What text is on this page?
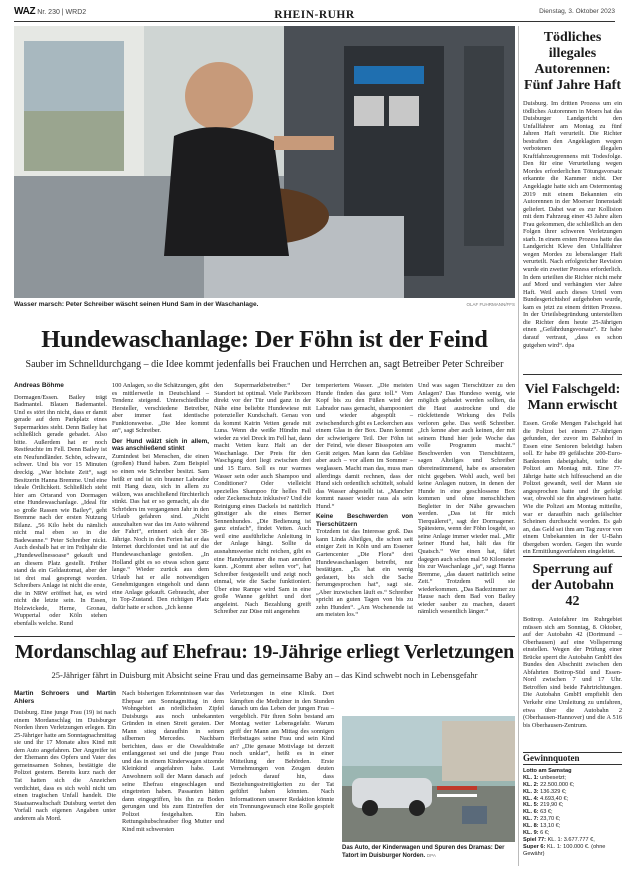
WAZ Nr. 230 | WRD2	RHEIN-RUHR	Dienstag, 3. Oktober 2023
Wasser marsch: Peter Schreiber wäscht seinen Hund Sam in der Waschanlage.	OLAF FUHRMANN/FFS
Hundewaschanlage: Der Föhn ist der Feind
Sauber im Schnelldurchgang – die Idee kommt jedenfalls bei Frauchen und Herrchen an, sagt Betreiber Peter Schreiber
Andreas Böhme

Dormagen/Essen. Bailey trägt Badmantel. Blauen Bademantel. Und es stört ihn nicht, dass er damit gerade auf dem Parkplatz eines Supermarktes steht. Denn Bailey hat schließlich gerade gebadet. Also bitte. Außerdem hat er noch Restfeuchte im Fell. Denn Bailey ist ein Neufundländer. Schön, schwarz, schwer. Und bis vor 15 Minuten dreckig. „War höchste Zeit“, sagt Besitzerin Hanna Bremme. Und eine ideale Örtlichkeit. Schließlich steht hier am Ortsrand von Dormagen eine Hundewaschanlage. „Ideal für so große Rassen wie Bailey“, geht Bremme nach der ersten Nutzung Bilanz. „56 Kilo hebt du nämlich nicht mal eben so in die Badewanne.“ Peter Schreiber nickt. Auch deshalb hat er im Frühjahr die „Hundewellnessoase“ gekauft und an diesem Platz gestellt. Früher stand da ein Geldautomat, aber der ist drei mal gesprengt worden. Schreibers Anlage ist nicht die erste, die in NRW eröffnet hat, es wird nicht die letzte sein. In Essen, Holzwickede, Herne, Gronau, Wuppertal oder Köln stehen ebenfalls welche. Rund

100 Anlagen, so die Schätzungen, gibt es mittlerweile in Deutschland – Tendenz steigend. Unterschiedliche Hersteller, verschiedene Betreiber, aber immer fast identische Funktionsweise. „Die Idee kommt an“, sagt Schreiber.

Der Hund wälzt sich in allem, was anschließend stinkt

Zumindest bei Menschen, die einen (großen) Hund haben. Zum Beispiel so einen wie Schreiber besitzt. Sam heißt er und ist ein brauner Labrador mit Hang dazu, sich in allem zu wälzen, was anschließend fürchterlich stinkt. Das hat er so gemacht, als die Schröders im vergangenen Jahr in den Urlaub gefahren sind. „Nicht auszuhalten war das im Auto während der Fahrt“, erinnert sich der 38-Jährige. Noch in den Ferien hat er das Internet durchforstet und ist auf die Hundewaschanlage gestoßen. „In Holland gibt es so etwas schon ganz lange.“ Wieder zurück aus dem Urlaub hat er alle notwendigen Genehmigungen eingeholt und dann eine Anlage gekauft. Gebraucht, aber in Top-Zustand. Den richtigen Platz dafür hatte er schon. „Ich kenne

den Supermarktbetreiber.“ Der Standort ist optimal. Viele Parkboxen direkt vor der Tür und ganz in der Nähe eine beliebte Hundewiese mit potenzieller Kundschaft. Genau von da kommt Katrin Vetten gerade mit Luna. Wenn die weiße Hündin mal wieder zu viel Dreck im Fell hat, dann macht Vetten kurz Halt an der Waschanlage. Der Preis für den Waschgang dort liegt zwischen drei und 15 Euro. Soll es nur warmes Wasser sein oder auch Shampoo und Conditioner? Oder vielleicht spezielles Shampoo für helles Fell oder Zeckenschutz inklusive? Und die Reinigung eines Dackels ist natürlich günstiger als die eines Berner Sennenhundes. „Die Bedienung ist ganz einfach“, findet Vetten. Auch weil eine ausführliche Anleitung in der Anlage hängt. Sollte da ausnahmsweise nicht reichen, gibt es eine Handynummer die man anrufen kann. „Kommt aber selten vor“, hat Schreiber festgestellt und zeigt noch einmal, wie die Sache funktioniert. Über eine Rampe wird Sam in eine große Wanne geführt und dort angeleint. Nach Bezahlung greift Schreiber zur Düse mit angenehm

temperiertem Wasser. „Die meisten Hunde finden das ganz toll.“ Vom Kopf bis zu den Füßen wird der Labrador nass gemacht, shampooniert und wieder abgespült – zwischendurch gibt es Leckerchen aus einem Glas in der Box. Dann kommt der schwierigere Teil. Der Föhn ist der Feind, wie dieser Bissspoten am Gerät zeigen. Man kann das Gebläse aber auch – vor allem im Sommer – weglassen. Macht man das, muss man allerdings damit rechnen, dass der Hund sich ordentlich schüttelt, sobald das Wasser abgestellt ist. „Mancher kommt nasser wieder raus als sein Hund.“

Keine Beschwerden von Tierschützern

Trotzdem ist das Interesse groß. Das kann Linda Alteilges, die schon seit einiger Zeit in Köln und am Essener Gartencenter „Die Flora“ drei Hundewaschanlagen betreibt, nur bestätigen. „Es hat ein wenig gedauert, bis sich die Sache herumgesprochen hat“, sagt sie. „Aber inzwischen läuft es.“ Schreiber spricht an guten Tagen von bis zu zehn Hunden“. „Am Wochenende ist am meisten los.“

Und was sagen Tierschützer zu den Anlagen? Das Hundeso wenig, wie möglich gebadet werden sollten, da die Haut austrockne und die rückfettende Wirkung des Fells verloren gehe. Das weiß Schreiber. „Ich kenne aber auch keinen, der mit seinem Hund hier jede Woche das volle Programm macht.“ Beschwerden von Tierschützern, sagen Alteilges und Schreiber übereinstimmend, habe es ansonsten nicht gegeben. Wohl auch, weil bei keine Anlagen nutzen, in denen der Hunde in eine geschlossene Box kommen und ohne menschlichen Begleiter in der Nähe gewaschen werden. „Das ist für mich Tierquälerei“, sagt der Dormagener. Spätestens, wenn der Föhn losgeht, so seine Anlage immer wieder mal. „Mir keiner Hund hat, hält das für Quatsch.“ Wer einen hat, fährt dagegen auch schon mal 50 Kilometer bis zur Waschanlage „ja“, sagt Hanna Bremme, „das dauert natürlich seine Zeit.“ Trotzdem will sie wiederkommen. „Das Badezimmer zu Hause nach dem Bad von Bailey wieder sauber zu machen, dauert nämlich wesentlich länger.“

Tödliches illegales Autorennen: Fünf Jahre Haft
Duisburg. Im dritten Prozess um ein tödliches Autorennen in Moers hat das Duisburger Landgericht den Unfallfahrer am Montag zu fünf Jahren Haft verurteilt. Die Richter bestraften den Angeklagten wegen verbotenen illegalen Kraftfahrzeugrennens mit Todesfolge. Den für eine Verurteilung wegen Mordes erforderlichen Tötungsvorsatz erkannte die Kammer nicht. Der Angeklagte hatte sich am Ostermontag 2019 mit einem Bekannten ein Autorennen in der Moerser Innenstadt geliefert. Dabei war es zur Kollision mit dem Fahrzeug einer 43 Jahre alten Frau gekommen, die schließlich an den Folgen ihrer schweren Verletzungen starb. In einem ersten Prozess hatte das Landgericht Kleve den Unfallfahrer wegen Mordes zu lebenslanger Haft verurteilt. Nach erfolgreicher Revision wurde ein zweiter Prozess erforderlich. In dem urteilten die Richter nicht mehr auf Mord und verhängten vier Jahre Haft. Weil auch dieses Urteil vom Bundesgerichtshof aufgehoben wurde, kam es jetzt zu einem dritten Prozess. In der Urteilsbegründung unterstellten die Richter dem heute 25-Jährigen einen „Gefährdungsvorsatz“. Er habe darauf vertraut, „dass es schon gutgehen wird“. dpa
Viel Falschgeld: Mann erwischt
Essen. Große Mengen Falschgeld hat die Polizei bei einem 27-Jährigen gefunden, der zuvor im Bahnhof in Essen eine Senioren beleidigt haben soll. Er habe 89 gefälschte 200-Euro-Banknoten dabeigehabt, teilte die Polizei am Montag mit. Eine 77-Jährige hatte sich hilfesuchend an die Polizei gewandt, weil der Mann sie angesprochen hatte und ihr gefolgt war, obwohl sie ihn abgewiesen hatte. Wie die Polizei am Montag mitteilte, war er daraufhin nach gefälschter Scheinen durchsucht worden. Es gab an, das Geld sei ihm am Tag zuvor von einem Unbekannten in der U-Bahn übergeben worden. Gegen ihn wurde ein Ermittlungsverfahren eingeleitet.
Sperrung auf der Autobahn 42
Bottrop. Autofahrer im Ruhrgebiet müssen sich am Sonntag, 8. Oktober, auf der Autobahn 42 (Dortmund – Oberhausen) auf eine Vollsperrung einstellen. Wegen der Prüfung einer Brücke sperrt die Autobahn GmbH des Bundes den Abschnitt zwischen den Abfahrten Bottrop-Süd und Essen-Nord zwischen 7 und 17 Uhr. Betroffen sind beide Fahrtrichtungen. Die Autobahn GmbH empfiehlt den Verkehr eine Umleitung zu umfahren, etwa über die Autobahn 2 (Oberhausen-Hannover) und die A 516 bis Oberhausen-Zentrum.
Gewinnquoten
Lotto am Samstag
KL. 1: unbesetzt;
KL. 2: 22.500.000 €;
KL. 3: 136.329 €;
KL. 4: 4.693,40 €;
KL. 5: 219,90 €;
KL. 6: 63 €;
KL. 7: 23,70 €;
KL. 8: 13,10 €;
KL. 9: 6 €;
Spiel 77: KL. 1: 3.677.777 €,
Super 6: KL. 1: 100.000 €. (ohne Gewähr)
Mordanschlag auf Ehefrau: 19-Jährige erliegt Verletzungen
25-Jähriger fährt in Duisburg mit Absicht seine Frau und das gemeinsame Baby an – das Kind schwebt noch in Lebensgefahr
Martin Schroers und Martin Ahlers

Duisburg. Eine junge Frau (19) ist nach einem Mordanschlag im Duisburger Norden ihren Verletzungen erlegen. Ein 25-Jähriger hatte am Sonntagnachmittag sie und ihr 17 Monate altes Kind mit dem Auto angefahren. Der Angreifer ist der Ehemann des Opfers und Vater des gemeinsamen Sohnes, bestätigte die Polizei gestern. Bereits kurz nach der Tat hatten sich die Anzeichen verdichtet, dass es sich wohl nicht um einen tragischen Unfall handelt. Die Staatsanwaltschaft Duisburg wertet den Vorfall nach eigenen Angaben unter anderem als Mord.

Nach bisherigen Erkenntnissen war das Ehepaar am Sonntagmittag in dem Wohngebiet an nördlichsten Zipfel Duisburgs aus noch unbekannten Gründen in einen Streit geraten. Der Mann stieg daraufhin in seinen silbernen Mercedes. Nachbarn berichten, dass er die Oswaldstraße entlanggerast sei und die junge Frau und das in einem Kinderwagen sitzende Kleinkind angefahren habe. Laut Anwohnern soll der Mann danach auf seine Ehefrau eingeschlagen und eingetreten haben. Passanten hätten dann eingegriffen, bis ihn zu Boden gerungen und bis zum Eintreffen der Polizei festgehalten. Ein Rettungshubschrauber flog Mutter und Kind mit schwersten

Verletzungen in eine Klinik. Dort kämpften die Mediziner in den Stunden danach um das Leben der jungen Frau – vergeblich. Für ihren Sohn bestand am Montag weiter Lebensgefahr. Warum griff der Mann am Mittag des sonnigen Herbsttages seine Frau und sein Kind an? „Die genaue Motivlage ist derzeit noch unklar“, heißt es in einer Mitteilung der Behörden. Erste Vernehmungen von Zeugen deuten jedoch darauf hin, dass Beziehungsstreitigkeiten zu der Tat geführt haben könnten. Nach Informationen unserer Redaktion könnte ein Trennungswunsch eine Rolle gespielt haben.

Das Auto, der Kinderwagen und Spuren des Dramas: Der Tatort im Duisburger Norden. DPA
